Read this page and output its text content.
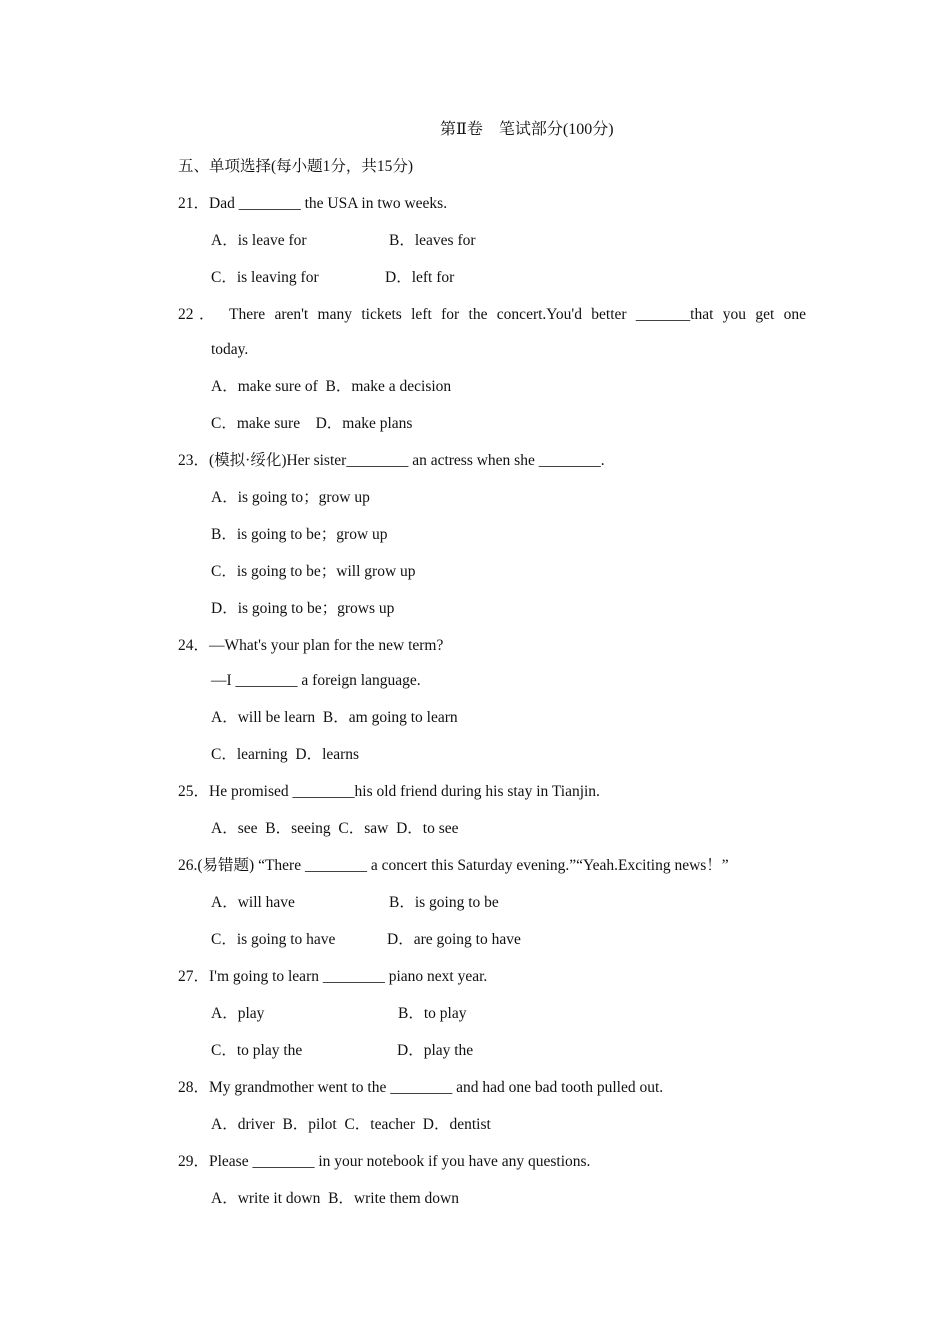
第Ⅱ卷　笔试部分(100分)
五、单项选择(每小题1分，共15分)
21．Dad ________ the USA in two weeks.
A．is leave for	B．leaves for
C．is leaving for	D．left for
22． There aren't many tickets left for the concert.You'd better _______that you get one
today.
A．make sure of  B．make a decision
C．make sure    D．make plans
23．(模拟·绥化)Her sister________ an actress when she ________.
A．is going to；grow up
B．is going to be；grow up
C．is going to be；will grow up
D．is going to be；grows up
24．—What's your plan for the new term?
—I ________ a foreign language.
A．will be learn  B．am going to learn
C．learning  D．learns
25．He promised ________his old friend during his stay in Tianjin.
A．see  B．seeing  C．saw  D．to see
26.(易错题) “There ________ a concert this Saturday evening.”“Yeah.Exciting news！”
A．will have	B．is going to be
C．is going to have	D．are going to have
27．I'm going to learn ________ piano next year.
A．play	B．to play
C．to play the	D．play the
28．My grandmother went to the ________ and had one bad tooth pulled out.
A．driver  B．pilot  C．teacher  D．dentist
29．Please ________ in your notebook if you have any questions.
A．write it down  B．write them down
